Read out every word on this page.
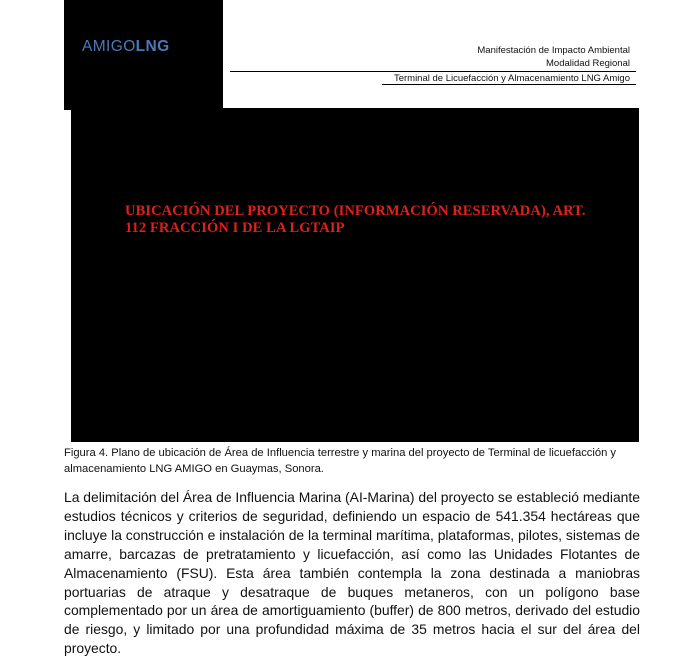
AMIGOLNG	Manifestación de Impacto Ambiental
Modalidad Regional
Terminal de Licuefacción y Almacenamiento LNG Amigo
UBICACIÓN DEL PROYECTO (INFORMACIÓN RESERVADA), ART. 112 FRACCIÓN I DE LA LGTAIP
Figura 4. Plano de ubicación de Área de Influencia terrestre y marina del proyecto de Terminal de licuefacción y almacenamiento LNG AMIGO en Guaymas, Sonora.
La delimitación del Área de Influencia Marina (AI-Marina) del proyecto se estableció mediante estudios técnicos y criterios de seguridad, definiendo un espacio de 541.354 hectáreas que incluye la construcción e instalación de la terminal marítima, plataformas, pilotes, sistemas de amarre, barcazas de pretratamiento y licuefacción, así como las Unidades Flotantes de Almacenamiento (FSU). Esta área también contempla la zona destinada a maniobras portuarias de atraque y desatraque de buques metaneros, con un polígono base complementado por un área de amortiguamiento (buffer) de 800 metros, derivado del estudio de riesgo, y limitado por una profundidad máxima de 35 metros hacia el sur del área del proyecto.
